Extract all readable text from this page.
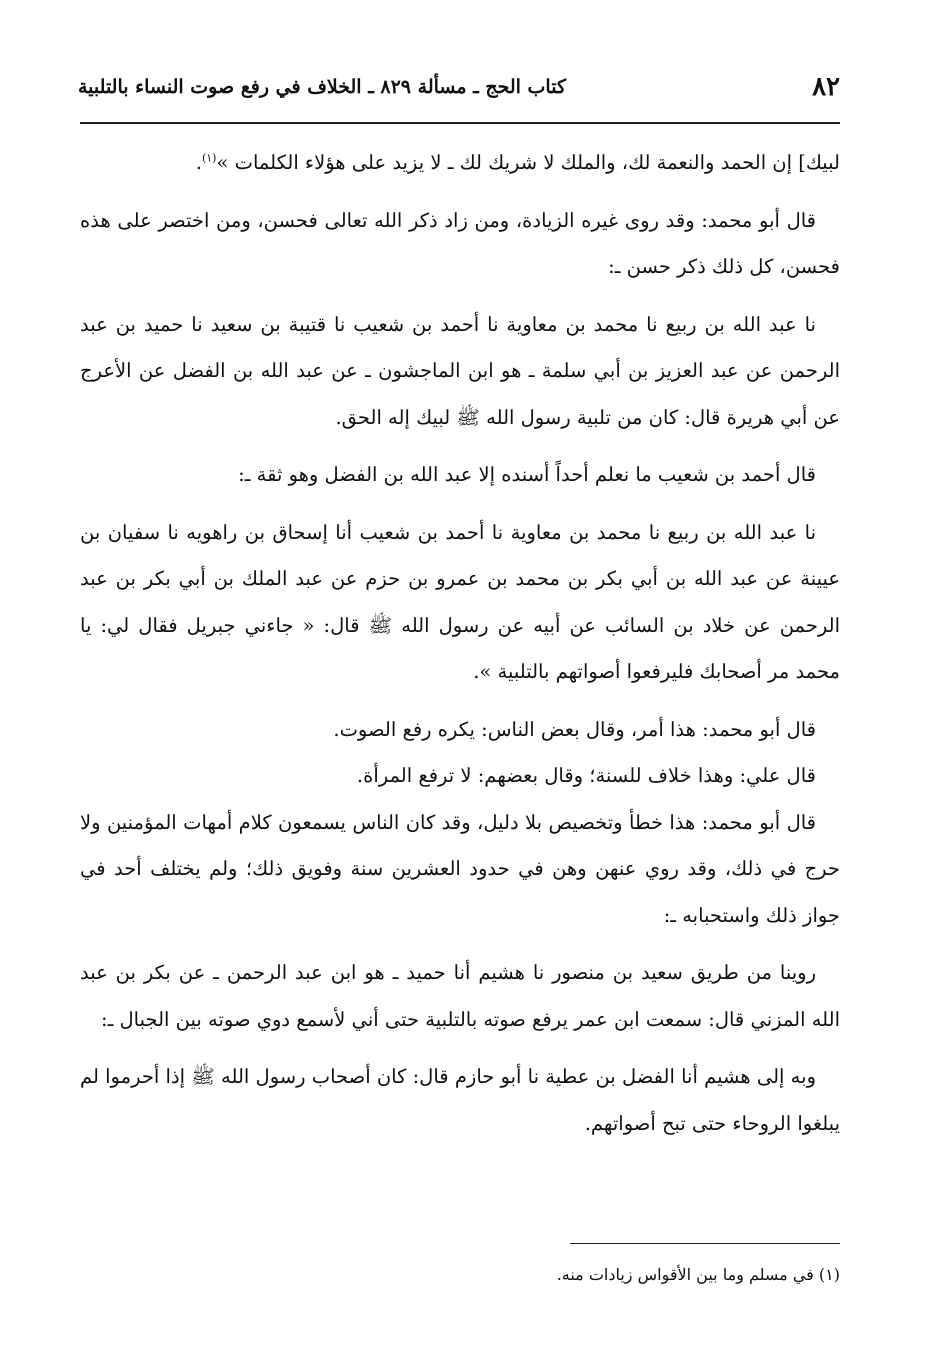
٨٢
كتاب الحج ـ مسألة ٨٢٩ ـ الخلاف في رفع صوت النساء بالتلبية

لبيك] إن الحمد والنعمة لك، والملك لا شريك لك ـ لا يزيد على هؤلاء الكلمات »$^{(١)}$.

قال أبو محمد: وقد روى غيره الزيادة، ومن زاد ذكر الله تعالى فحسن، ومن اختصر على هذه فحسن، كل ذلك ذكر حسن ـ:

نا عبد الله بن ربيع نا محمد بن معاوية نا أحمد بن شعيب نا قتيبة بن سعيد نا حميد بن عبد الرحمن عن عبد العزيز بن أبي سلمة ـ هو ابن الماجشون ـ عن عبد الله بن الفضل عن الأعرج عن أبي هريرة قال: كان من تلبية رسول الله ﷺ لبيك إله الحق.

قال أحمد بن شعيب ما نعلم أحداً أسنده إلا عبد الله بن الفضل وهو ثقة ـ:

نا عبد الله بن ربيع نا محمد بن معاوية نا أحمد بن شعيب أنا إسحاق بن راهويه نا سفيان بن عيينة عن عبد الله بن أبي بكر بن محمد بن عمرو بن حزم عن عبد الملك بن أبي بكر بن عبد الرحمن عن خلاد بن السائب عن أبيه عن رسول الله ﷺ قال: « جاءني جبريل فقال لي: يا محمد مر أصحابك فليرفعوا أصواتهم بالتلبية ».

قال أبو محمد: هذا أمر، وقال بعض الناس: يكره رفع الصوت.

قال علي: وهذا خلاف للسنة؛ وقال بعضهم: لا ترفع المرأة.

قال أبو محمد: هذا خطأ وتخصيص بلا دليل، وقد كان الناس يسمعون كلام أمهات المؤمنين ولا حرج في ذلك، وقد روي عنهن وهن في حدود العشرين سنة وفويق ذلك؛ ولم يختلف أحد في جواز ذلك واستحبابه ـ:

روينا من طريق سعيد بن منصور نا هشيم أنا حميد ـ هو ابن عبد الرحمن ـ عن بكر بن عبد الله المزني قال: سمعت ابن عمر يرفع صوته بالتلبية حتى أني لأسمع دوي صوته بين الجبال ـ:

وبه إلى هشيم أنا الفضل بن عطية نا أبو حازم قال: كان أصحاب رسول الله ﷺ إذا أحرموا لم يبلغوا الروحاء حتى تبح أصواتهم.

(١) في مسلم وما بين الأقواس زيادات منه.
